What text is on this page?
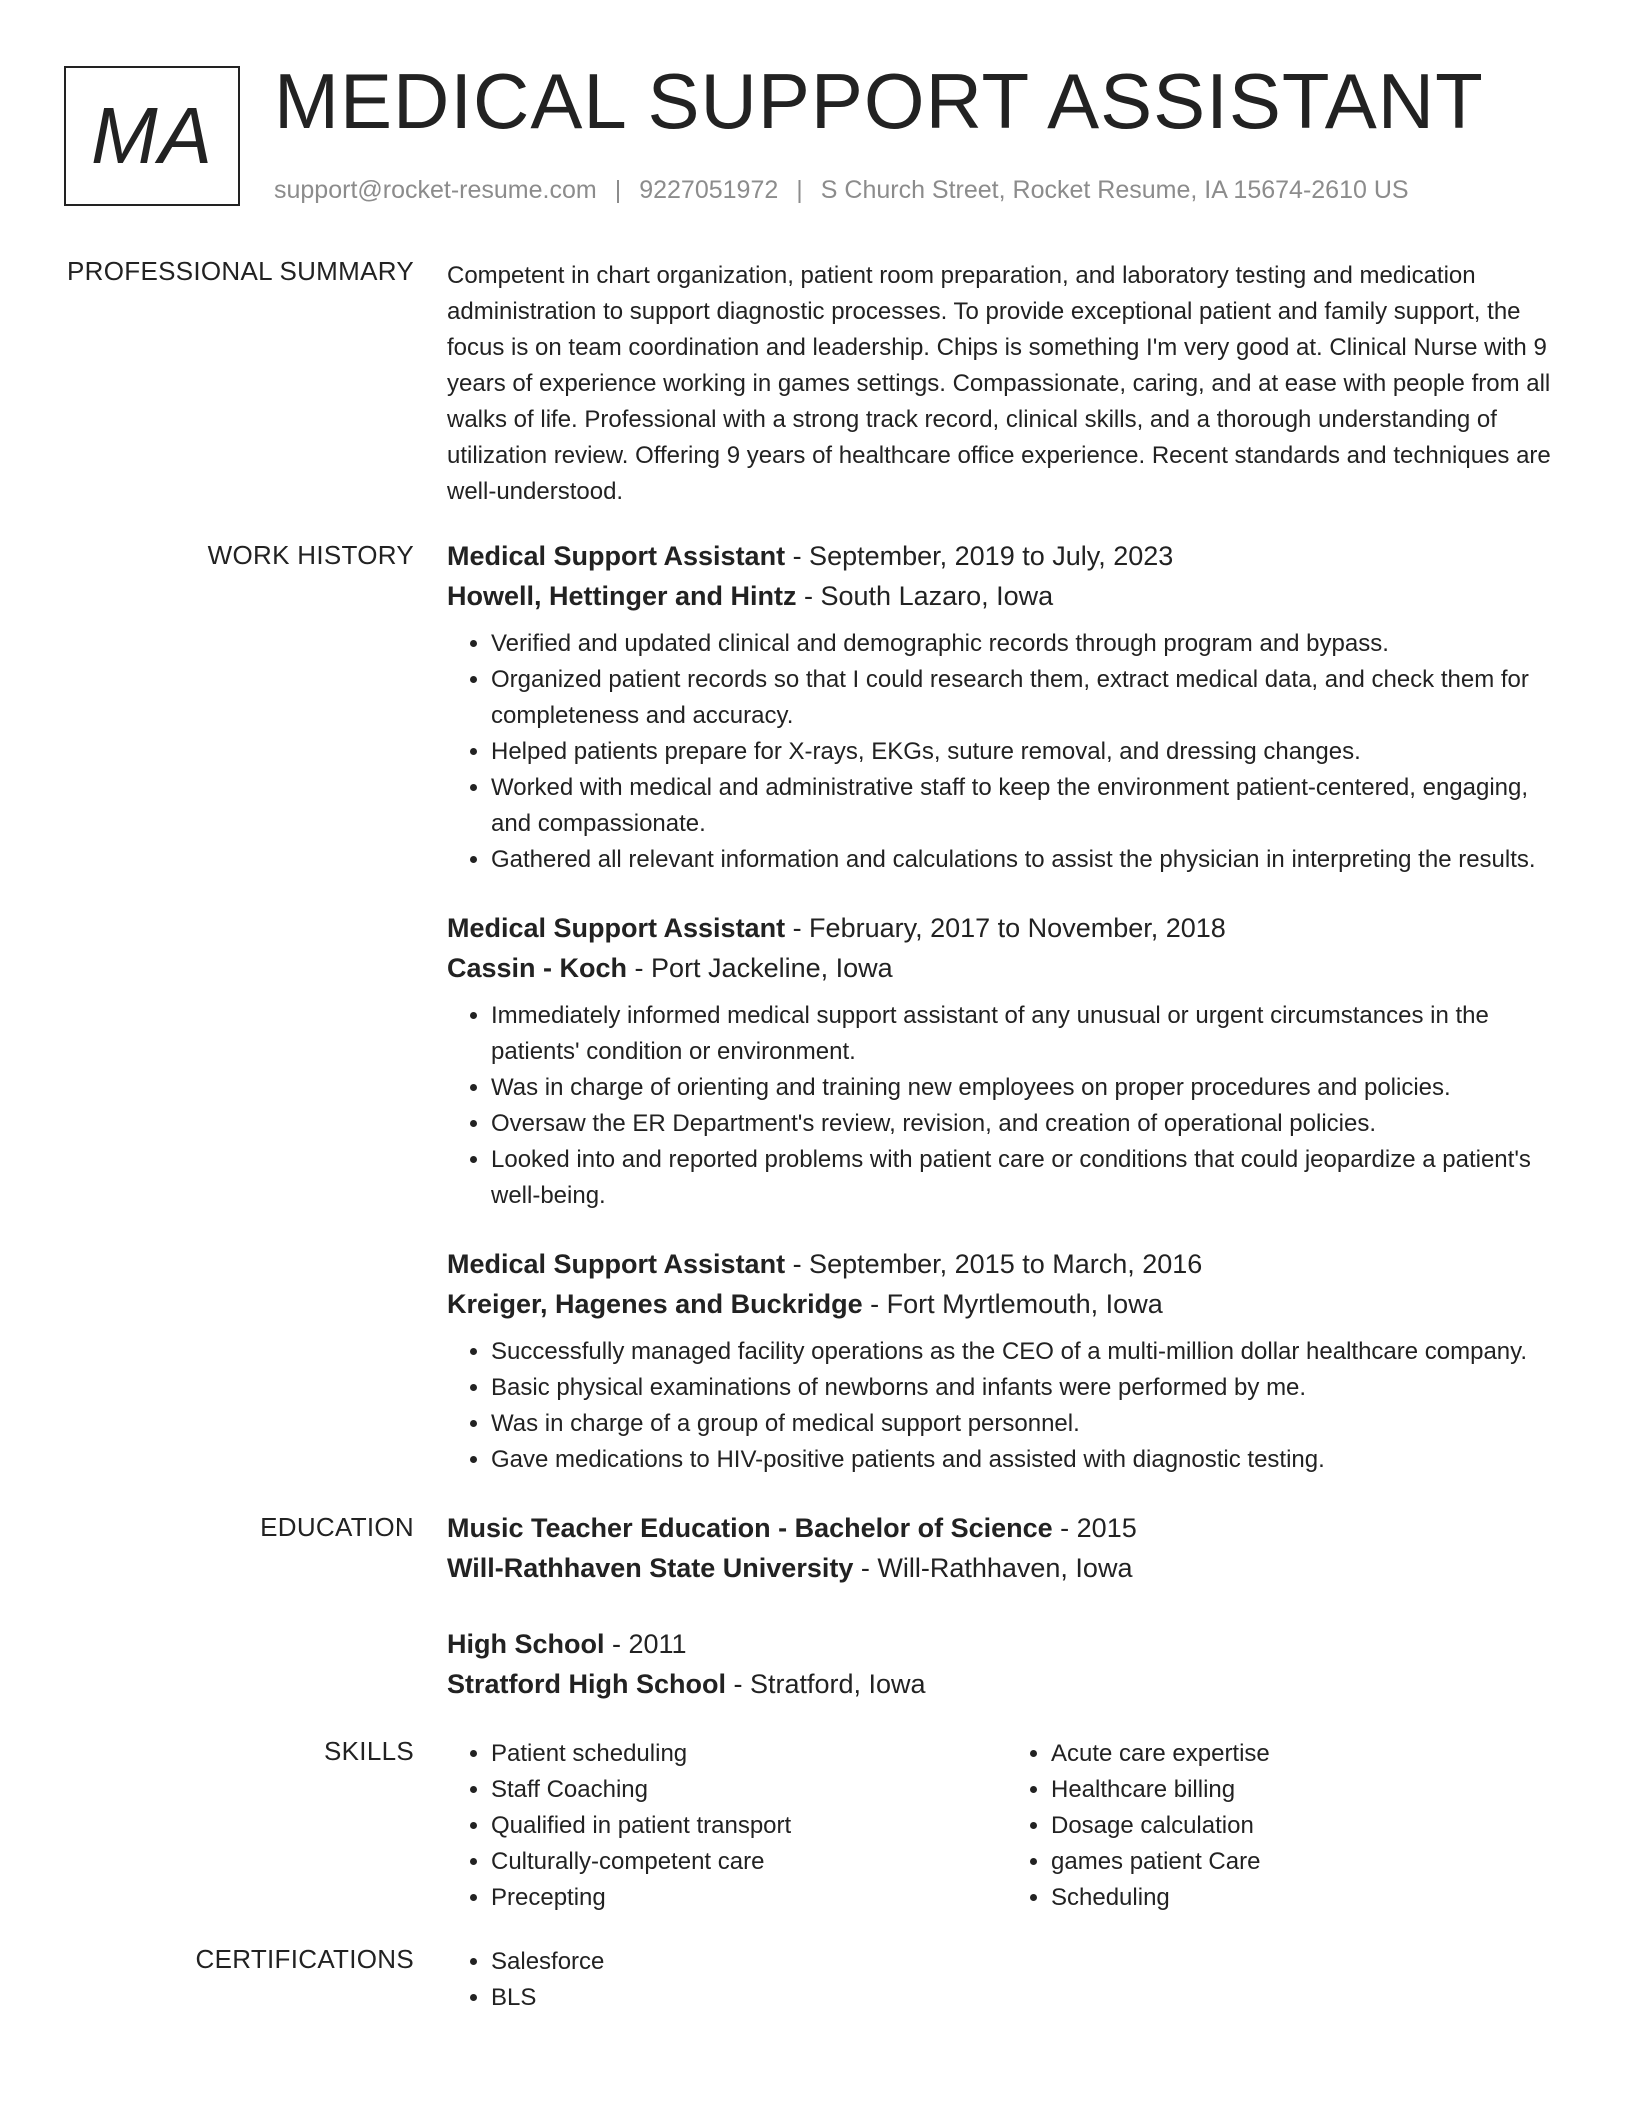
MA MEDICAL SUPPORT ASSISTANT
support@rocket-resume.com | 9227051972 | S Church Street, Rocket Resume, IA 15674-2610 US
PROFESSIONAL SUMMARY Competent in chart organization, patient room preparation, and laboratory testing and medication administration to support diagnostic processes. To provide exceptional patient and family support, the focus is on team coordination and leadership. Chips is something I'm very good at. Clinical Nurse with 9 years of experience working in games settings. Compassionate, caring, and at ease with people from all walks of life. Professional with a strong track record, clinical skills, and a thorough understanding of utilization review. Offering 9 years of healthcare office experience. Recent standards and techniques are well-understood.
WORK HISTORY Medical Support Assistant - September, 2019 to July, 2023
Howell, Hettinger and Hintz - South Lazaro, Iowa
• Verified and updated clinical and demographic records through program and bypass.
• Organized patient records so that I could research them, extract medical data, and check them for completeness and accuracy.
• Helped patients prepare for X-rays, EKGs, suture removal, and dressing changes.
• Worked with medical and administrative staff to keep the environment patient-centered, engaging, and compassionate.
• Gathered all relevant information and calculations to assist the physician in interpreting the results.
Medical Support Assistant - February, 2017 to November, 2018
Cassin - Koch - Port Jackeline, Iowa
• Immediately informed medical support assistant of any unusual or urgent circumstances in the patients' condition or environment.
• Was in charge of orienting and training new employees on proper procedures and policies.
• Oversaw the ER Department's review, revision, and creation of operational policies.
• Looked into and reported problems with patient care or conditions that could jeopardize a patient's well-being.
Medical Support Assistant - September, 2015 to March, 2016
Kreiger, Hagenes and Buckridge - Fort Myrtlemouth, Iowa
• Successfully managed facility operations as the CEO of a multi-million dollar healthcare company.
• Basic physical examinations of newborns and infants were performed by me.
• Was in charge of a group of medical support personnel.
• Gave medications to HIV-positive patients and assisted with diagnostic testing.
EDUCATION Music Teacher Education - Bachelor of Science - 2015
Will-Rathhaven State University - Will-Rathhaven, Iowa
High School - 2011
Stratford High School - Stratford, Iowa
SKILLS	• Patient scheduling
• Staff Coaching
• Qualified in patient transport
• Culturally-competent care
• Precepting
• Acute care expertise
• Healthcare billing
• Dosage calculation
• games patient Care
• Scheduling
CERTIFICATIONS	• Salesforce
• BLS
